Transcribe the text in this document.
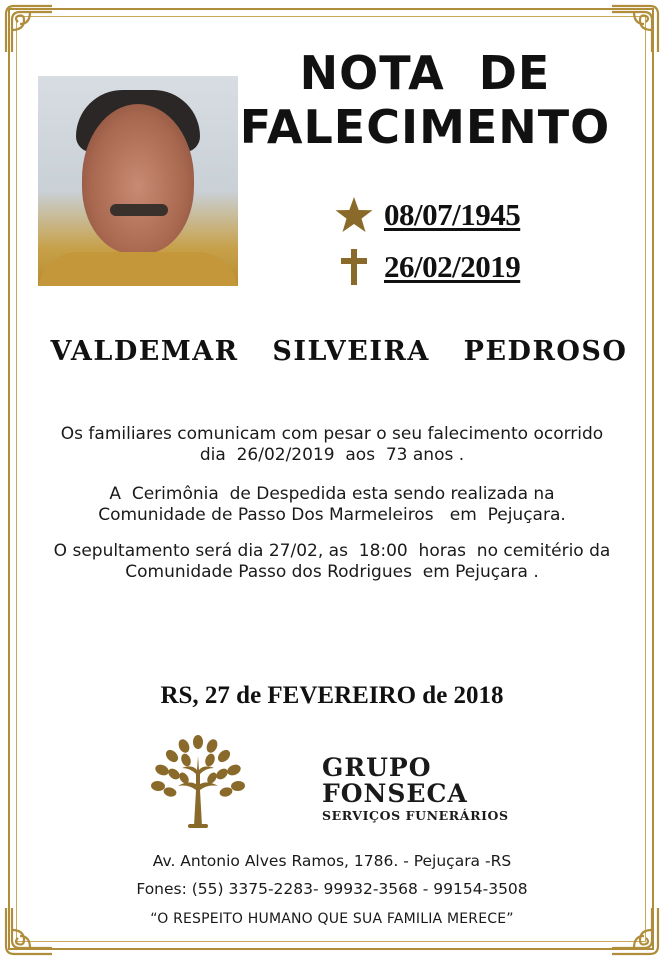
NOTA  DE
FALECIMENTO
08/07/1945
26/02/2019
VALDEMAR  SILVEIRA  PEDROSO
Os familiares comunicam com pesar o seu falecimento ocorrido
dia  26/02/2019  aos  73 anos .
A  Cerimônia  de Despedida esta sendo realizada na
Comunidade de Passo Dos Marmeleiros   em  Pejuçara.
O sepultamento será dia 27/02, as  18:00  horas  no cemitério da
Comunidade Passo dos Rodrigues  em Pejuçara .
RS, 27 de FEVEREIRO de 2018
GRUPO
FONSECA
SERVIÇOS FUNERÁRIOS
Av. Antonio Alves Ramos, 1786. - Pejuçara -RS
Fones: (55) 3375-2283- 99932-3568 - 99154-3508
“O RESPEITO HUMANO QUE SUA FAMILIA MERECE”
